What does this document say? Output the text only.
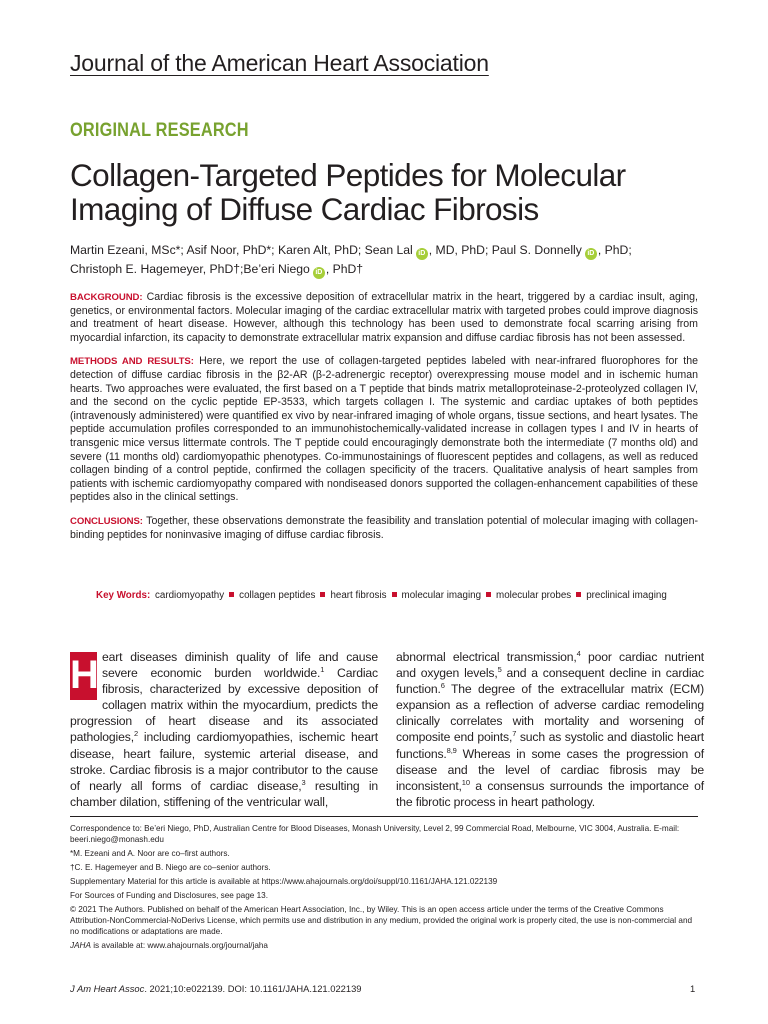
Journal of the American Heart Association
ORIGINAL RESEARCH
Collagen-Targeted Peptides for Molecular Imaging of Diffuse Cardiac Fibrosis
Martin Ezeani, MSc*; Asif Noor, PhD*; Karen Alt, PhD; Sean Lal iD , MD, PhD; Paul S. Donnelly iD , PhD;
Christoph E. Hagemeyer, PhD†;Be’eri Niego iD , PhD†

BACKGROUND: Cardiac fibrosis is the excessive deposition of extracellular matrix in the heart, triggered by a cardiac insult, aging, genetics, or environmental factors. Molecular imaging of the cardiac extracellular matrix with targeted probes could improve diagnosis and treatment of heart disease. However, although this technology has been used to demonstrate focal scarring arising from myocardial infarction, its capacity to demonstrate extracellular matrix expansion and diffuse cardiac fibrosis has not been assessed.

METHODS AND RESULTS: Here, we report the use of collagen-targeted peptides labeled with near-infrared fluorophores for the detection of diffuse cardiac fibrosis in the β2-AR (β-2-adrenergic receptor) overexpressing mouse model and in ischemic human hearts. Two approaches were evaluated, the first based on a T peptide that binds matrix metalloproteinase-2-proteolyzed collagen IV, and the second on the cyclic peptide EP-3533, which targets collagen I. The systemic and cardiac uptakes of both peptides (intravenously administered) were quantified ex vivo by near-infrared imaging of whole organs, tissue sections, and heart lysates. The peptide accumulation profiles corresponded to an immunohistochemically-validated increase in collagen types I and IV in hearts of transgenic mice versus littermate controls. The T peptide could encouragingly demonstrate both the intermediate (7 months old) and severe (11 months old) cardiomyopathic phenotypes. Co-immunostainings of fluorescent peptides and collagens, as well as reduced collagen binding of a control peptide, confirmed the collagen specificity of the tracers. Qualitative analysis of heart samples from patients with ischemic cardiomyopathy compared with nondiseased donors supported the collagen-enhancement capabilities of these peptides also in the clinical settings.

CONCLUSIONS: Together, these observations demonstrate the feasibility and translation potential of molecular imaging with collagen-binding peptides for noninvasive imaging of diffuse cardiac fibrosis.

Key Words: cardiomyopathy collagen peptides heart fibrosis molecular imaging molecular probes preclinical imaging

H eart diseases diminish quality of life and cause severe economic burden worldwide.$^1$ Cardiac fibrosis, characterized by excessive deposition of collagen matrix within the myocardium, predicts the progression of heart disease and its associated pathologies,$^2$ including cardiomyopathies, ischemic heart disease, heart failure, systemic arterial disease, and stroke. Cardiac fibrosis is a major contributor to the cause of nearly all forms of cardiac disease,$^3$ resulting in chamber dilation, stiffening of the ventricular wall,

abnormal electrical transmission,$^4$ poor cardiac nutrient and oxygen levels,$^5$ and a consequent decline in cardiac function.$^6$ The degree of the extracellular matrix (ECM) expansion as a reflection of adverse cardiac remodeling clinically correlates with mortality and worsening of composite end points,$^7$ such as systolic and diastolic heart functions.$^{8,9}$ Whereas in some cases the progression of disease and the level of cardiac fibrosis may be inconsistent,$^{10}$ a consensus surrounds the importance of the fibrotic process in heart pathology.

Correspondence to: Be’eri Niego, PhD, Australian Centre for Blood Diseases, Monash University, Level 2, 99 Commercial Road, Melbourne, VIC 3004, Australia. E-mail: beeri.niego@monash.edu

*M. Ezeani and A. Noor are co–first authors.

†C. E. Hagemeyer and B. Niego are co–senior authors.

Supplementary Material for this article is available at https://www.ahajournals.org/doi/suppl/10.1161/JAHA.121.022139

For Sources of Funding and Disclosures, see page 13.

© 2021 The Authors. Published on behalf of the American Heart Association, Inc., by Wiley. This is an open access article under the terms of the Creative Commons Attribution-NonCommercial-NoDerivs License, which permits use and distribution in any medium, provided the original work is properly cited, the use is non-commercial and no modifications or adaptations are made.

JAHA is available at: www.ahajournals.org/journal/jaha

J Am Heart Assoc. 2021;10:e022139. DOI: 10.1161/JAHA.121.022139	1
